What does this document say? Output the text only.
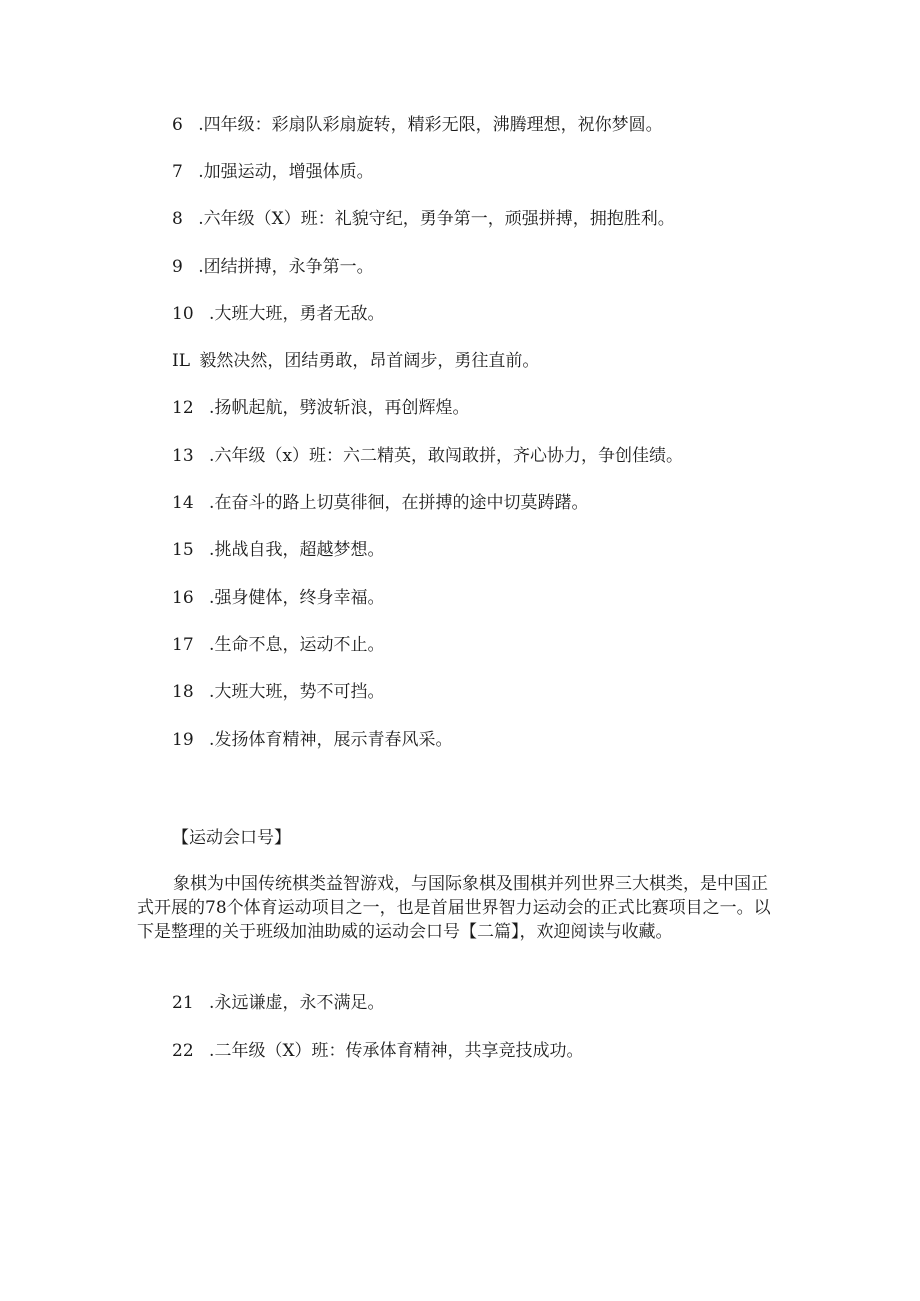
6 .四年级：彩扇队彩扇旋转，精彩无限，沸腾理想，祝你梦圆。
7 .加强运动，增强体质。
8 .六年级（X）班：礼貌守纪，勇争第一，顽强拼搏，拥抱胜利。
9 .团结拼搏，永争第一。
10 .大班大班，勇者无敌。
IL 毅然决然，团结勇敢，昂首阔步，勇往直前。
12 .扬帆起航，劈波斩浪，再创辉煌。
13 .六年级（x）班：六二精英，敢闯敢拼，齐心协力，争创佳绩。
14 .在奋斗的路上切莫徘徊，在拼搏的途中切莫踌躇。
15 .挑战自我，超越梦想。
16 .强身健体，终身幸福。
17 .生命不息，运动不止。
18 .大班大班，势不可挡。
19 .发扬体育精神，展示青春风采。
【运动会口号】

象棋为中国传统棋类益智游戏，与国际象棋及围棋并列世界三大棋类，是中国正式开展的78个体育运动项目之一，也是首届世界智力运动会的正式比赛项目之一。以下是整理的关于班级加油助威的运动会口号【二篇】，欢迎阅读与收藏。

21 .永远谦虚，永不满足。
22 .二年级（X）班：传承体育精神，共享竞技成功。
